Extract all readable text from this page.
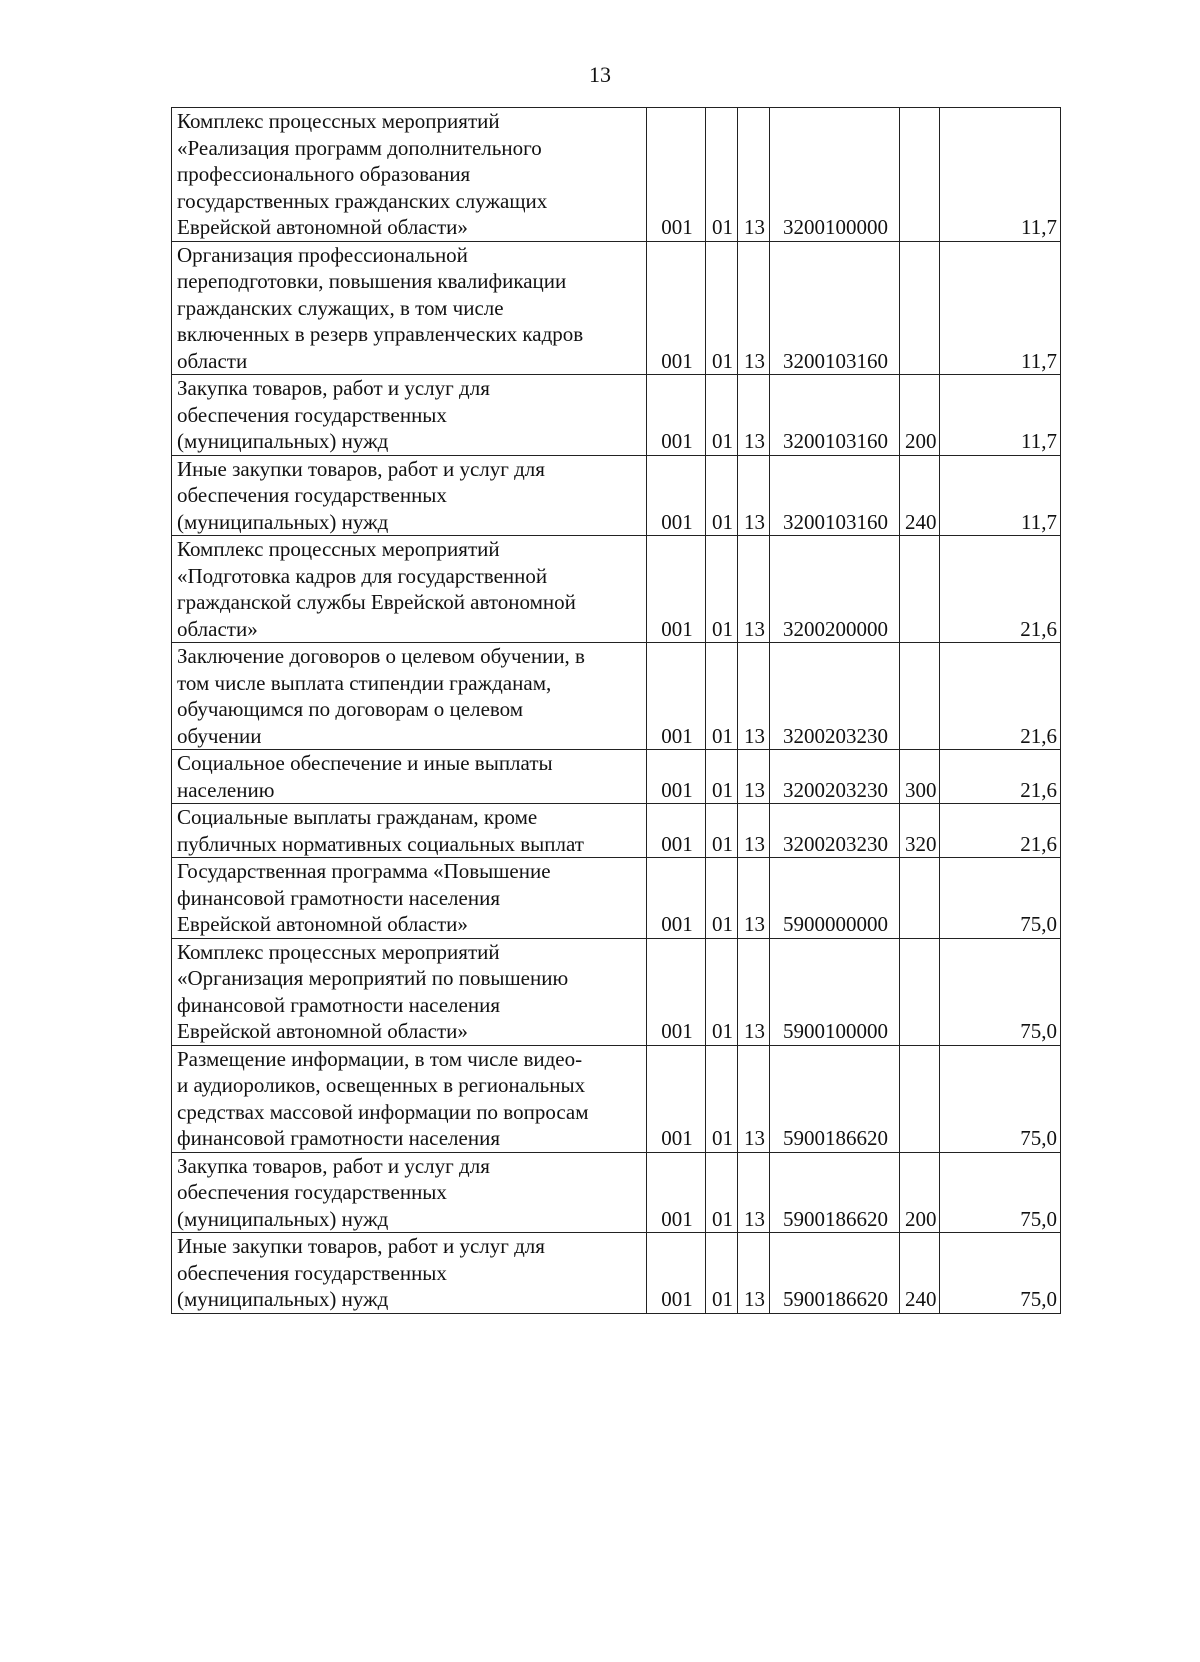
13
Комплекс процессных мероприятий
«Реализация программ дополнительного
профессионального образования
государственных гражданских служащих
Еврейской автономной области»	001	01	13	3200100000		11,7
Организация профессиональной
переподготовки, повышения квалификации
гражданских служащих, в том числе
включенных в резерв управленческих кадров
области	001	01	13	3200103160		11,7
Закупка товаров, работ и услуг для
обеспечения государственных
(муниципальных) нужд	001	01	13	3200103160	200	11,7
Иные закупки товаров, работ и услуг для
обеспечения государственных
(муниципальных) нужд	001	01	13	3200103160	240	11,7
Комплекс процессных мероприятий
«Подготовка кадров для государственной
гражданской службы Еврейской автономной
области»	001	01	13	3200200000		21,6
Заключение договоров о целевом обучении, в
том числе выплата стипендии гражданам,
обучающимся по договорам о целевом
обучении	001	01	13	3200203230		21,6
Социальное обеспечение и иные выплаты
населению	001	01	13	3200203230	300	21,6
Социальные выплаты гражданам, кроме
публичных нормативных социальных выплат	001	01	13	3200203230	320	21,6
Государственная программа «Повышение
финансовой грамотности населения
Еврейской автономной области»	001	01	13	5900000000		75,0
Комплекс процессных мероприятий
«Организация мероприятий по повышению
финансовой грамотности населения
Еврейской автономной области»	001	01	13	5900100000		75,0
Размещение информации, в том числе видео-
и аудиороликов, освещенных в региональных
средствах массовой информации по вопросам
финансовой грамотности населения	001	01	13	5900186620		75,0
Закупка товаров, работ и услуг для
обеспечения государственных
(муниципальных) нужд	001	01	13	5900186620	200	75,0
Иные закупки товаров, работ и услуг для
обеспечения государственных
(муниципальных) нужд	001	01	13	5900186620	240	75,0
